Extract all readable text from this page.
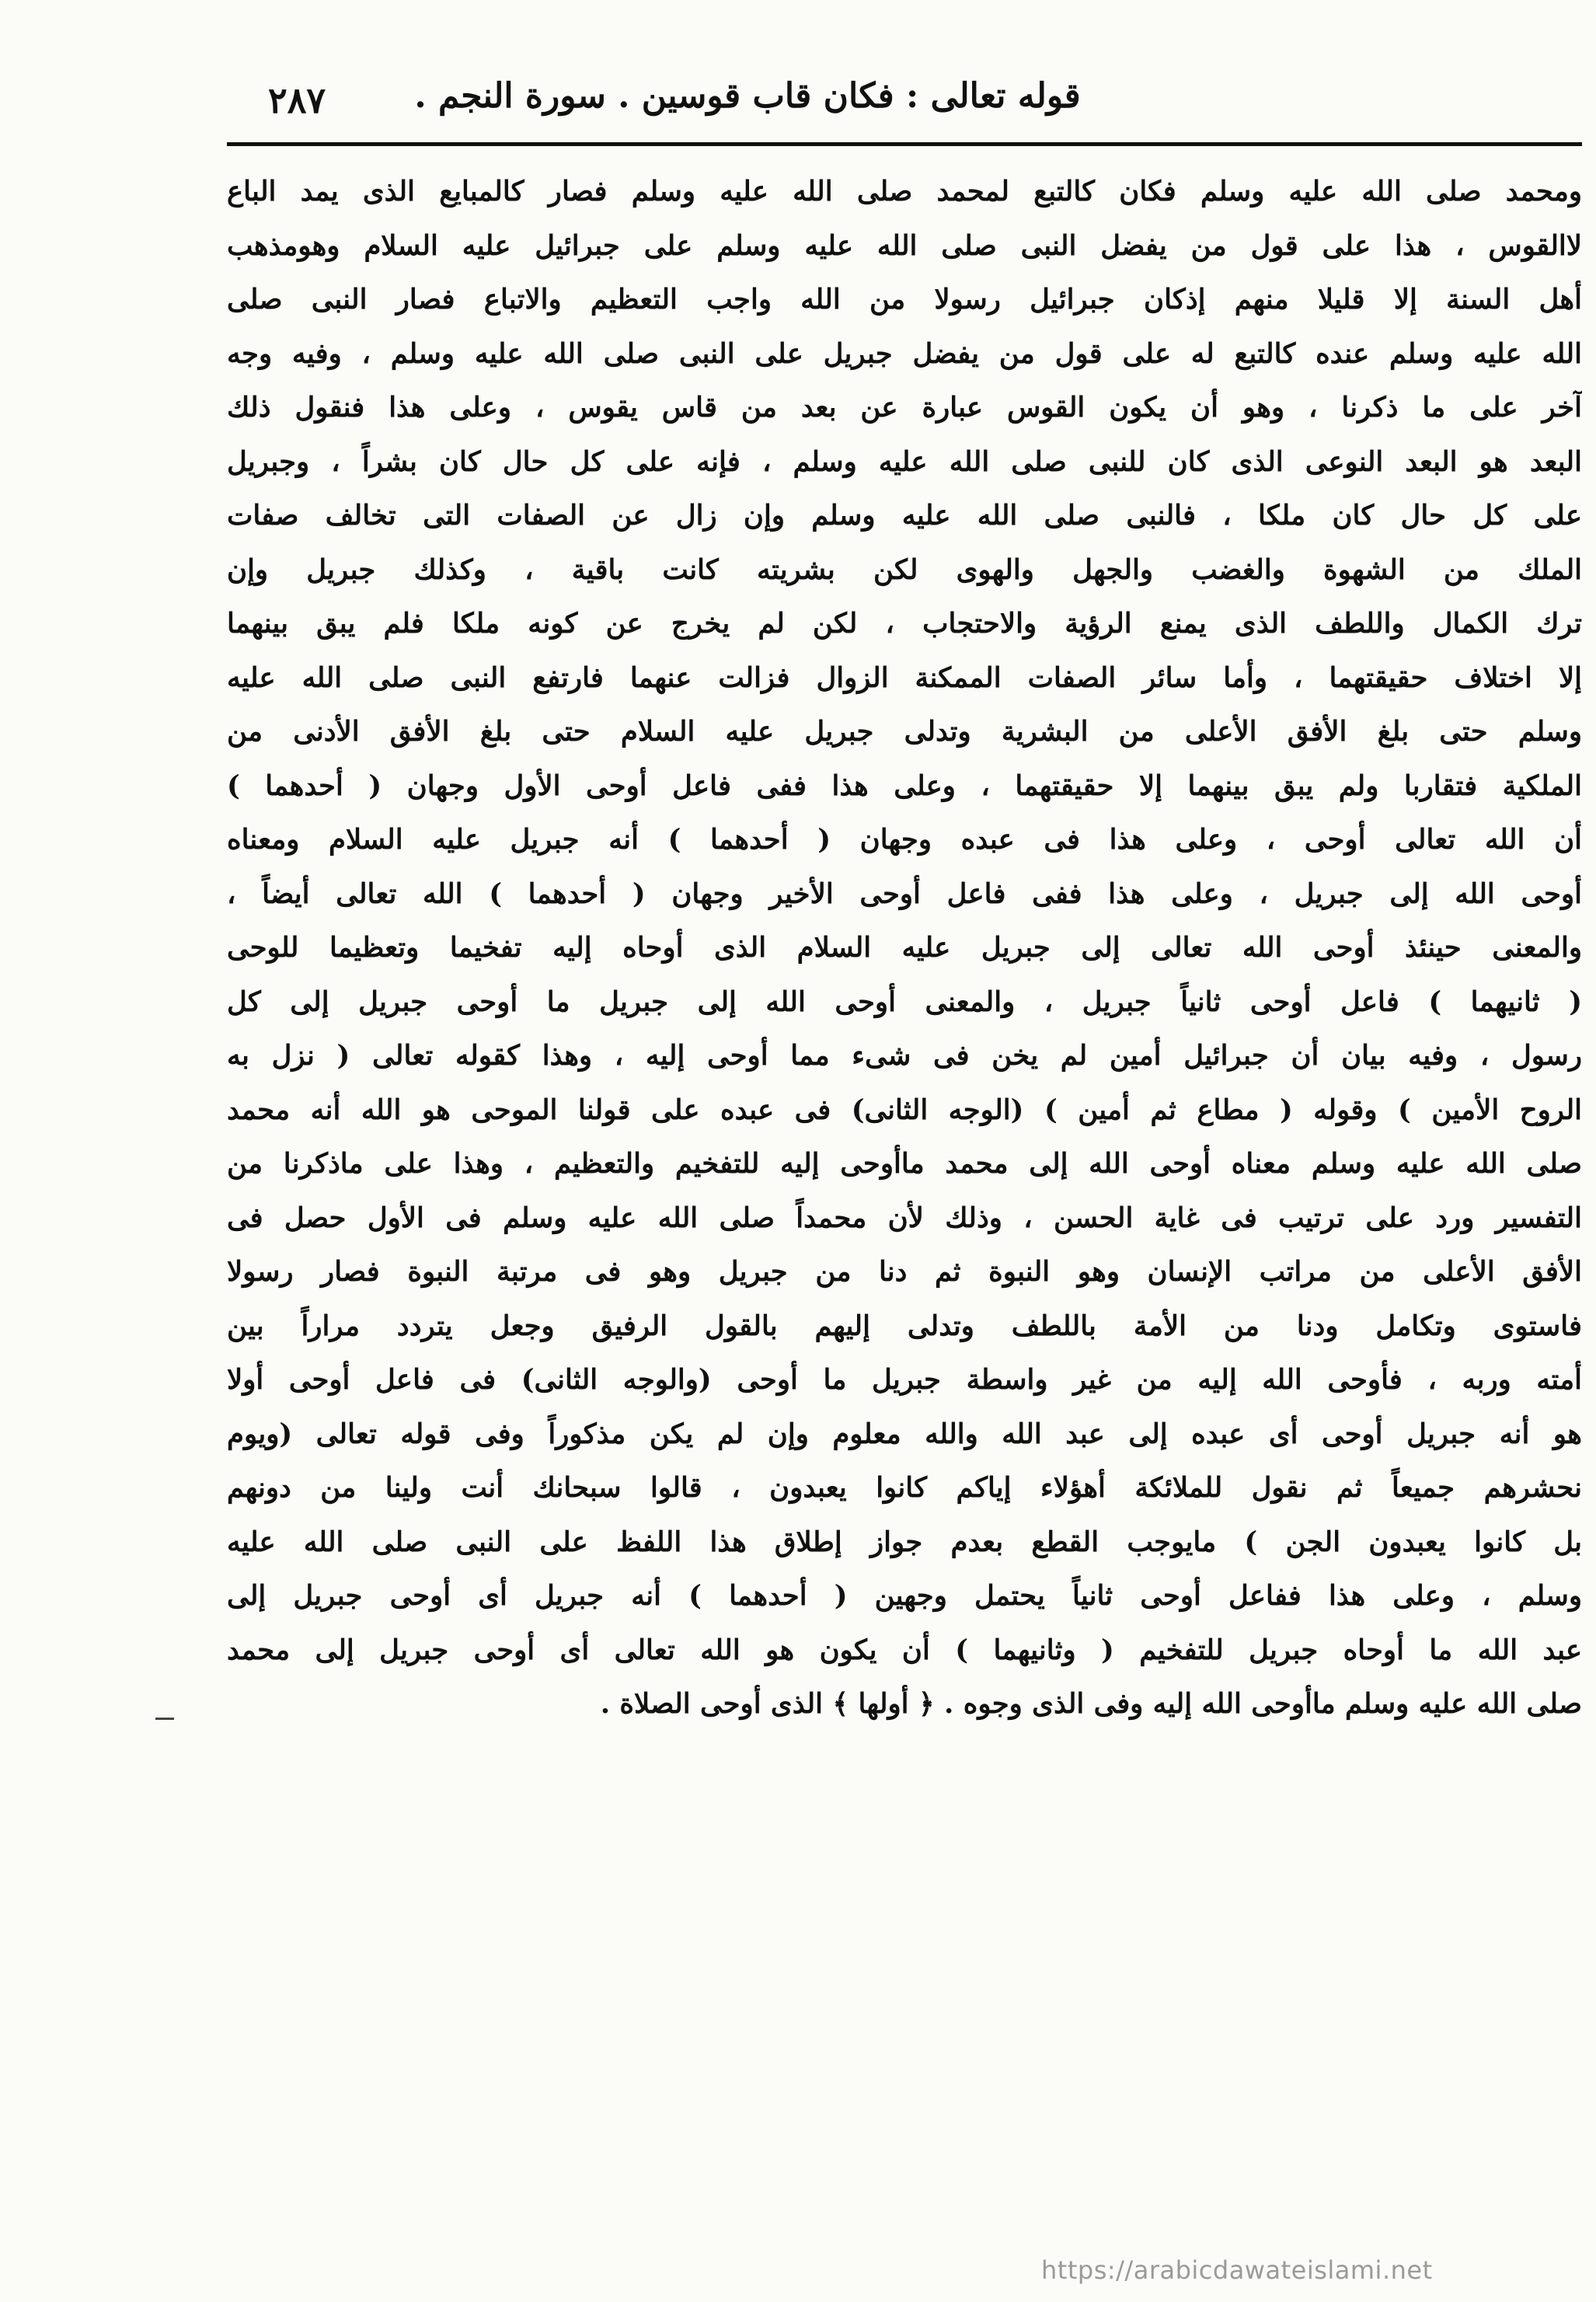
قوله تعالى : فكان قاب قوسين . سورة النجم .
٢٨٧
ومحمد صلى الله عليه وسلم فكان كالتبع لمحمد صلى الله عليه وسلم فصار كالمبايع الذى يمد الباع
لاالقوس ، هذا على قول من يفضل النبى صلى الله عليه وسلم على جبرائيل عليه السلام وهومذهب
أهل السنة إلا قليلا منهم إذكان جبرائيل رسولا من الله واجب التعظيم والاتباع فصار النبى صلى
الله عليه وسلم عنده كالتبع له على قول من يفضل جبريل على النبى صلى الله عليه وسلم ، وفيه وجه
آخر على ما ذكرنا ، وهو أن يكون القوس عبارة عن بعد من قاس يقوس ، وعلى هذا فنقول ذلك
البعد هو البعد النوعى الذى كان للنبى صلى الله عليه وسلم ، فإنه على كل حال كان بشراً ، وجبريل
على كل حال كان ملكا ، فالنبى صلى الله عليه وسلم وإن زال عن الصفات التى تخالف صفات
الملك من الشهوة والغضب والجهل والهوى لكن بشريته كانت باقية ، وكذلك جبريل وإن
ترك الكمال واللطف الذى يمنع الرؤية والاحتجاب ، لكن لم يخرج عن كونه ملكا فلم يبق بينهما
إلا اختلاف حقيقتهما ، وأما سائر الصفات الممكنة الزوال فزالت عنهما فارتفع النبى صلى الله عليه
وسلم حتى بلغ الأفق الأعلى من البشرية وتدلى جبريل عليه السلام حتى بلغ الأفق الأدنى من
الملكية فتقاربا ولم يبق بينهما إلا حقيقتهما ، وعلى هذا ففى فاعل أوحى الأول وجهان ( أحدهما )
أن الله تعالى أوحى ، وعلى هذا فى عبده وجهان ( أحدهما ) أنه جبريل عليه السلام ومعناه
أوحى الله إلى جبريل ، وعلى هذا ففى فاعل أوحى الأخير وجهان ( أحدهما ) الله تعالى أيضاً ،
والمعنى حينئذ أوحى الله تعالى إلى جبريل عليه السلام الذى أوحاه إليه تفخيما وتعظيما للوحى
( ثانيهما ) فاعل أوحى ثانياً جبريل ، والمعنى أوحى الله إلى جبريل ما أوحى جبريل إلى كل
رسول ، وفيه بيان أن جبرائيل أمين لم يخن فى شىء مما أوحى إليه ، وهذا كقوله تعالى ( نزل به
الروح الأمين ) وقوله ( مطاع ثم أمين ) (الوجه الثانى) فى عبده على قولنا الموحى هو الله أنه محمد
صلى الله عليه وسلم معناه أوحى الله إلى محمد ماأوحى إليه للتفخيم والتعظيم ، وهذا على ماذكرنا من
التفسير ورد على ترتيب فى غاية الحسن ، وذلك لأن محمداً صلى الله عليه وسلم فى الأول حصل فى
الأفق الأعلى من مراتب الإنسان وهو النبوة ثم دنا من جبريل وهو فى مرتبة النبوة فصار رسولا
فاستوى وتكامل ودنا من الأمة باللطف وتدلى إليهم بالقول الرفيق وجعل يتردد مراراً بين
أمته وربه ، فأوحى الله إليه من غير واسطة جبريل ما أوحى (والوجه الثانى) فى فاعل أوحى أولا
هو أنه جبريل أوحى أى عبده إلى عبد الله والله معلوم وإن لم يكن مذكوراً وفى قوله تعالى (ويوم
نحشرهم جميعاً ثم نقول للملائكة أهؤلاء إياكم كانوا يعبدون ، قالوا سبحانك أنت ولينا من دونهم
بل كانوا يعبدون الجن ) مايوجب القطع بعدم جواز إطلاق هذا اللفظ على النبى صلى الله عليه
وسلم ، وعلى هذا ففاعل أوحى ثانياً يحتمل وجهين ( أحدهما ) أنه جبريل أى أوحى جبريل إلى
عبد الله ما أوحاه جبريل للتفخيم ( وثانيهما ) أن يكون هو الله تعالى أى أوحى جبريل إلى محمد
صلى الله عليه وسلم ماأوحى الله إليه وفى الذى وجوه . ﴿ أولها ﴾ الذى أوحى الصلاة .
https://arabicdawateislami.net
